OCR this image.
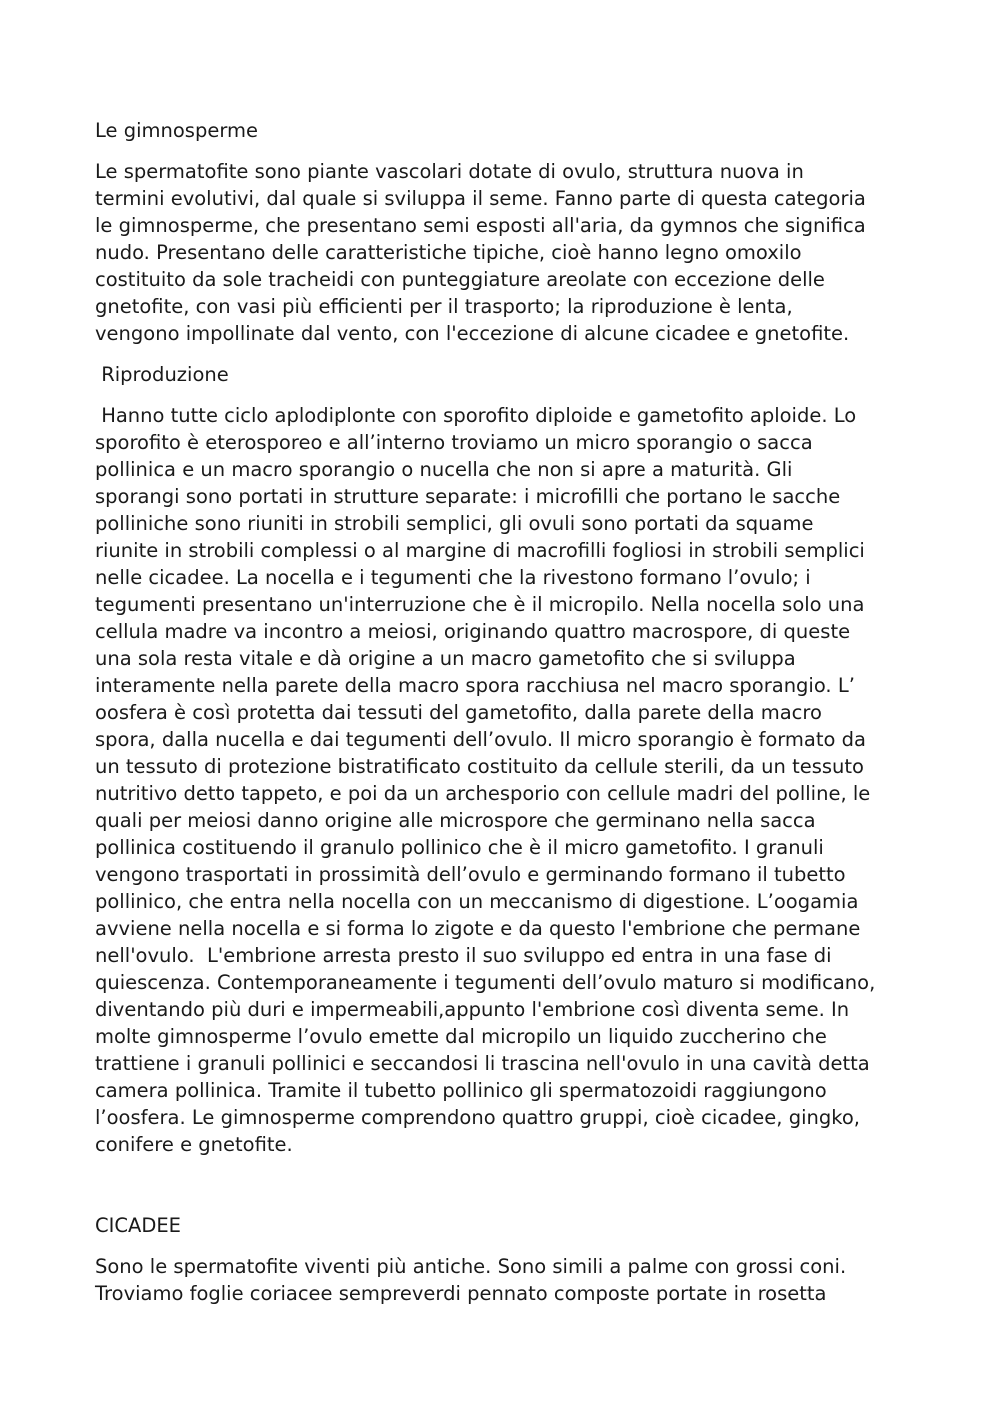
Le gimnosperme
Le spermatofite sono piante vascolari dotate di ovulo, struttura nuova in
termini evolutivi, dal quale si sviluppa il seme. Fanno parte di questa categoria
le gimnosperme, che presentano semi esposti all'aria, da gymnos che significa
nudo. Presentano delle caratteristiche tipiche, cioè hanno legno omoxilo
costituito da sole tracheidi con punteggiature areolate con eccezione delle
gnetofite, con vasi più efficienti per il trasporto; la riproduzione è lenta,
vengono impollinate dal vento, con l'eccezione di alcune cicadee e gnetofite.
Riproduzione
Hanno tutte ciclo aplodiplonte con sporofito diploide e gametofito aploide. Lo
sporofito è eterosporeo e all’interno troviamo un micro sporangio o sacca
pollinica e un macro sporangio o nucella che non si apre a maturità. Gli
sporangi sono portati in strutture separate: i microfilli che portano le sacche
polliniche sono riuniti in strobili semplici, gli ovuli sono portati da squame
riunite in strobili complessi o al margine di macrofilli fogliosi in strobili semplici
nelle cicadee. La nocella e i tegumenti che la rivestono formano l’ovulo; i
tegumenti presentano un'interruzione che è il micropilo. Nella nocella solo una
cellula madre va incontro a meiosi, originando quattro macrospore, di queste
una sola resta vitale e dà origine a un macro gametofito che si sviluppa
interamente nella parete della macro spora racchiusa nel macro sporangio. L’
oosfera è così protetta dai tessuti del gametofito, dalla parete della macro
spora, dalla nucella e dai tegumenti dell’ovulo. Il micro sporangio è formato da
un tessuto di protezione bistratificato costituito da cellule sterili, da un tessuto
nutritivo detto tappeto, e poi da un archesporio con cellule madri del polline, le
quali per meiosi danno origine alle microspore che germinano nella sacca
pollinica costituendo il granulo pollinico che è il micro gametofito. I granuli
vengono trasportati in prossimità dell’ovulo e germinando formano il tubetto
pollinico, che entra nella nocella con un meccanismo di digestione. L’oogamia
avviene nella nocella e si forma lo zigote e da questo l'embrione che permane
nell'ovulo.  L'embrione arresta presto il suo sviluppo ed entra in una fase di
quiescenza. Contemporaneamente i tegumenti dell’ovulo maturo si modificano,
diventando più duri e impermeabili,appunto l'embrione così diventa seme. In
molte gimnosperme l’ovulo emette dal micropilo un liquido zuccherino che
trattiene i granuli pollinici e seccandosi li trascina nell'ovulo in una cavità detta
camera pollinica. Tramite il tubetto pollinico gli spermatozoidi raggiungono
l’oosfera. Le gimnosperme comprendono quattro gruppi, cioè cicadee, gingko,
conifere e gnetofite.
CICADEE
Sono le spermatofite viventi più antiche. Sono simili a palme con grossi coni.
Troviamo foglie coriacee sempreverdi pennato composte portate in rosetta
